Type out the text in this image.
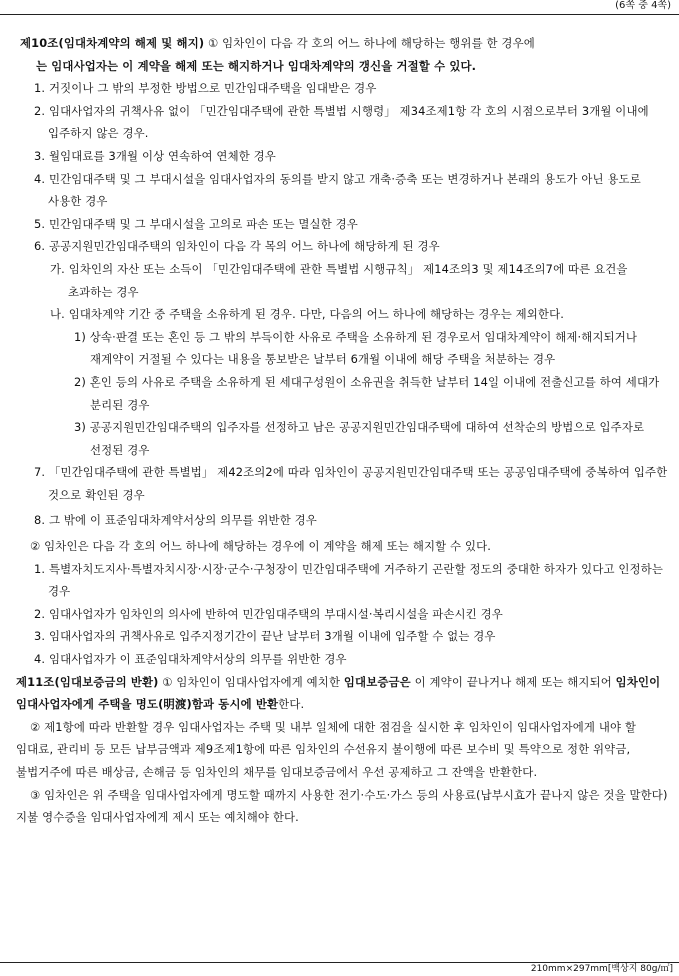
(6쪽 중 4쪽)

제10조(임대차계약의 해제 및 해지) ① 임차인이 다음 각 호의 어느 하나에 해당하는 행위를 한 경우에

는 임대사업자는 이 계약을 해제 또는 해지하거나 임대차계약의 갱신을 거절할 수 있다.

1. 거짓이나 그 밖의 부정한 방법으로 민간임대주택을 임대받은 경우

2. 임대사업자의 귀책사유 없이 「민간임대주택에 관한 특별법 시행령」 제34조제1항 각 호의 시점으로부터 3개월 이내에 입주하지 않은 경우.

3. 월임대료를 3개월 이상 연속하여 연체한 경우

4. 민간임대주택 및 그 부대시설을 임대사업자의 동의를 받지 않고 개축·증축 또는 변경하거나 본래의 용도가 아닌 용도로 사용한 경우

5. 민간임대주택 및 그 부대시설을 고의로 파손 또는 멸실한 경우

6. 공공지원민간임대주택의 임차인이 다음 각 목의 어느 하나에 해당하게 된 경우

가. 임차인의 자산 또는 소득이 「민간임대주택에 관한 특별법 시행규칙」 제14조의3 및 제14조의7에 따른 요건을 초과하는 경우

나. 임대차계약 기간 중 주택을 소유하게 된 경우. 다만, 다음의 어느 하나에 해당하는 경우는 제외한다.

1) 상속·판결 또는 혼인 등 그 밖의 부득이한 사유로 주택을 소유하게 된 경우로서 임대차계약이 해제·해지되거나 재계약이 거절될 수 있다는 내용을 통보받은 날부터 6개월 이내에 해당 주택을 처분하는 경우

2) 혼인 등의 사유로 주택을 소유하게 된 세대구성원이 소유권을 취득한 날부터 14일 이내에 전출신고를 하여 세대가 분리된 경우

3) 공공지원민간임대주택의 입주자를 선정하고 남은 공공지원민간임대주택에 대하여 선착순의 방법으로 입주자로 선정된 경우

7. 「민간임대주택에 관한 특별법」 제42조의2에 따라 임차인이 공공지원민간임대주택 또는 공공임대주택에 중복하여 입주한 것으로 확인된 경우

8. 그 밖에 이 표준임대차계약서상의 의무를 위반한 경우

② 임차인은 다음 각 호의 어느 하나에 해당하는 경우에 이 계약을 해제 또는 해지할 수 있다.

1. 특별자치도지사·특별자치시장·시장·군수·구청장이 민간임대주택에 거주하기 곤란할 정도의 중대한 하자가 있다고 인정하는 경우

2. 임대사업자가 임차인의 의사에 반하여 민간임대주택의 부대시설·복리시설을 파손시킨 경우

3. 임대사업자의 귀책사유로 입주지정기간이 끝난 날부터 3개월 이내에 입주할 수 없는 경우

4. 임대사업자가 이 표준임대차계약서상의 의무를 위반한 경우

제11조(임대보증금의 반환) ① 임차인이 임대사업자에게 예치한 임대보증금은 이 계약이 끝나거나 해제 또는 해지되어 임차인이 임대사업자에게 주택을 명도(明渡)함과 동시에 반환한다.

② 제1항에 따라 반환할 경우 임대사업자는 주택 및 내부 일체에 대한 점검을 실시한 후 임차인이 임대사업자에게 내야 할 임대료, 관리비 등 모든 납부금액과 제9조제1항에 따른 임차인의 수선유지 불이행에 따른 보수비 및 특약으로 정한 위약금, 불법거주에 따른 배상금, 손해금 등 임차인의 채무를 임대보증금에서 우선 공제하고 그 잔액을 반환한다.

③ 임차인은 위 주택을 임대사업자에게 명도할 때까지 사용한 전기·수도·가스 등의 사용료(납부시효가 끝나지 않은 것을 말한다) 지불 영수증을 임대사업자에게 제시 또는 예치해야 한다.

210mm×297mm[백상지 80g/㎡]
